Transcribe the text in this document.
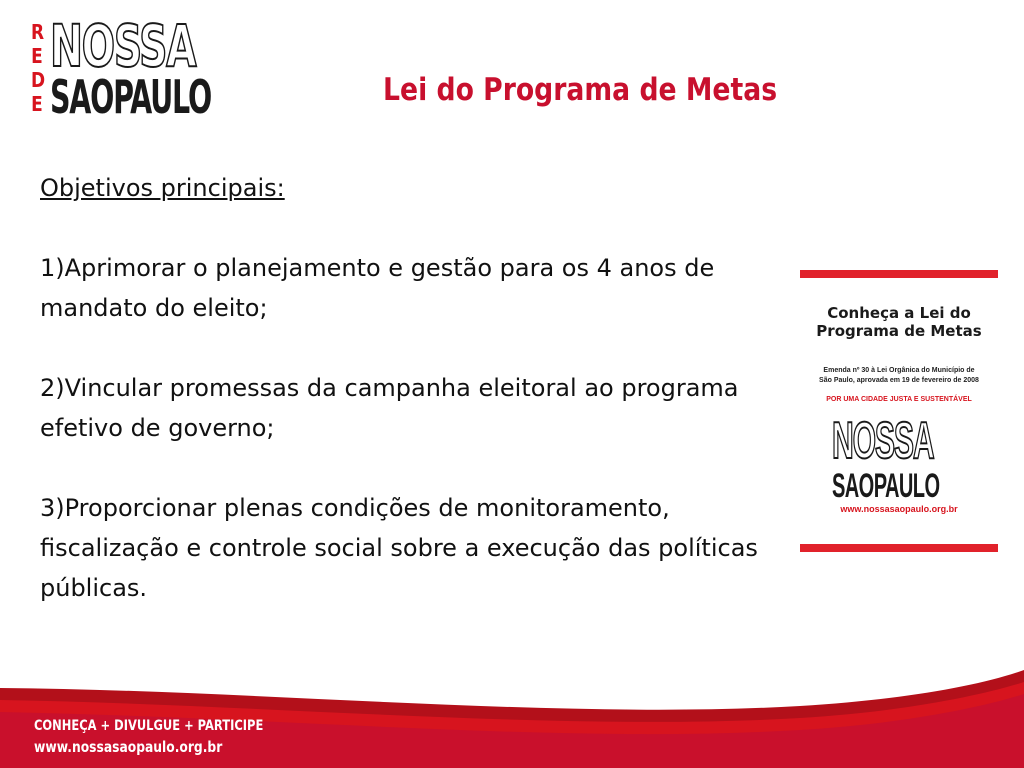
R
E
D
E
NOSSA
SAOPAULO	Lei do Programa de Metas

Objetivos principais:

1)Aprimorar o planejamento e gestão para os 4 anos de mandato do eleito;

2)Vincular promessas da campanha eleitoral ao programa efetivo de governo;

3)Proporcionar plenas condições de monitoramento, fiscalização e controle social sobre a execução das políticas públicas.

Conheça a Lei do
Programa de Metas
Emenda nº 30 à Lei Orgânica do Município de
São Paulo, aprovada em 19 de fevereiro de 2008
POR UMA CIDADE JUSTA E SUSTENTÁVEL
NOSSA
SAOPAULO
www.nossasaopaulo.org.br
CONHEÇA + DIVULGUE + PARTICIPE
www.nossasaopaulo.org.br
